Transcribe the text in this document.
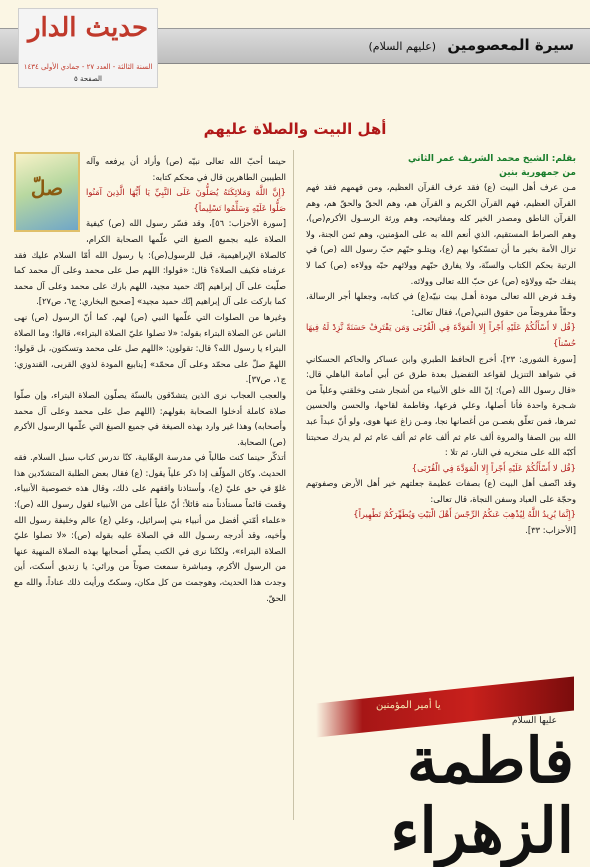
سيرة المعصومين (عليهم السلام)
حديث الدار
السنة الثالثة - العدد ٢٧ - جمادي الأولى ١٤٣٤
الصفحة ٥
أهل البيت والصلاة عليهم

بقلم: الشيخ محمد الشريف عمر الثاني

من جمهورية بنين

مـن عرف أهل البيت (ع) فقد عرف القرآن العظيم، ومن فهمهم فقد فهم القرآن العظيم، فهم القرآن الكريم و القرآن هم، وهم الحقّ والحقّ هم، وهم القرآن الناطق ومصدر الخير كله ومفاتيحه، وهم ورثة الرسـول الأكرم(ص)، وهم الصراط المستقيم، الذي أنعم الله به على المؤمنين، وهم ثمن الجنة، ولا تزال الأمة بخير ما أن تمسّكوا بهم (ع)، ويتلـو حبّهم حبّ رسول الله (ص) في الرتبة بحكم الكتاب والسنّة، ولا يفارق حبّهم وولائهم حبّه وولاءه (ص) كما لا ينفك حبّه وولاؤه (ص) عن حبّ الله تعالى وولائه.

وقـد فرض الله تعالى مودة أهـل بيت نبيّه(ع) في كتابه، وجعلها أجر الرسالة، وحقّاً مفروضاً من حقوق النبي(ص)، فقال تعالى:

{قُل لا أَسْأَلُكُمْ عَلَيْهِ أَجْراً إِلا الْمَوَدَّةَ فِي الْقُرْبَى وَمَن يَقْتَرِفْ حَسَنَةً نَّزِدْ لَهُ فِيهَا حُسْناً}

[سورة الشورى: ٢٣]، أخرج الحافظ الطبري وابن عساكر والحاكم الحسكاني في شواهد التنزيل لقواعد التفضيل بعدة طرق عن أبي أمامة الباهلي قال: «قال رسول الله (ص): إنّ الله خلق الأنبياء من أشجار شتى وخلقني وعلياً من شـجرة واحدة فأنا أصلها، وعلي فرعها، وفاطمة لقاحها، والحسن والحسين ثمرها، فمن تعلّق بغصـن من أغصانها نجا، ومـن زاغ عنها هوى، ولو أنّ عبداً عبد الله بين الصفا والمروة ألف عام ثم ألف عام ثم ألف عام ثم لم يدرك صحبتنا أكبّه الله على منخريه في النار، ثم تلا :

{قُل لا أَسْأَلُكُمْ عَلَيْهِ أَجْراً إِلا الْمَوَدَّةَ فِي الْقُرْبَى}

وقد اتّصف أهل البيت (ع) بصفات عظيمة جعلتهم خير أهل الأرض وصفوتهم وحجّة على العباد وسفن النجاة، قال تعالى:

{إِنَّمَا يُرِيدُ اللَّهُ لِيُذْهِبَ عَنكُمُ الرِّجْسَ أَهْلَ الْبَيْتِ وَيُطَهِّرَكُمْ تَطْهِيراً}

[الأحزاب: ٣٣].

صلّ

حينما أحبّ الله تعالى نبيّه (ص) وأراد أن يرفعه وآله الطيبين الطاهرين قال في محكم كتابه:

{إِنَّ اللَّهَ وَمَلائِكَتَهُ يُصَلُّونَ عَلَى النَّبِيِّ يَا أَيُّهَا الَّذِينَ آمَنُوا صَلُّوا عَلَيْهِ وَسَلِّمُوا تَسْلِيماً}

[سورة الأحزاب: ٥٦]، وقد فسّر رسول الله (ص) كيفية الصلاة عليه بجميع الصيغ التي علّمها الصحابة الكرام، كالصلاة الإبراهيمية، قيل للرسول(ص): يا رسول الله أمّا السلام عليك فقد عرفناه فكيف الصلاة؟ قال: «قولوا: اللهم صل على محمد وعلى آل محمد كما صلّيت على آل إبراهيم إنّك حميد مجيد، اللهم بارك على محمد وعلى آل محمد كما باركت على آل إبراهيم إنّك حميد مجيد» [صحيح البخاري: ج٦، ص٢٧].

وغيرها من الصلوات التي علّمها النبي (ص) لهم. كما أنّ الرسول (ص) نهى الناس عن الصلاة البتراء بقوله: «لا تصلوا عليّ الصلاة البتراء»، قالوا: وما الصلاة البتراء يا رسول الله؟ قال: تقولون: «اللهم صل على محمد وتسكتون، بل قولوا: اللهمّ صلّ على محمّد وعلى آل محمّد» [ينابيع المودة لذوي القربى، القندوزي: ج١، ص٣٧].

والعجب العجاب نرى الذين يتشدّقون بالسنّة يصلّون الصلاة البتراء، وإن صلّوا صلاة كاملة أدخلوا الصحابة بقولهم: (اللهم صل على محمد وعلى آل محمد وأصحابه) وهذا غير وارد بهذه الصيغة في جميع الصيغ التي علّمها الرسول الأكرم (ص) الصحابة.

أتذكّر حينما كنت طالباً في مدرسة الوهّابية، كنّا ندرس كتاب سبل السلام. فقه الحديث. وكان المؤلّف إذا ذكر علياً يقول: (ع) فقال بعض الطلبة المتشدّدين هذا غلوّ في حق عليّ (ع)، وأستاذنا وافقهم على ذلك، وقال هذه خصوصية الأنبياء، وقمت قائماً مستأذناً منه قائلاً: أنّ علياً أعلى من الأنبياء لقول رسول الله (ص): «علماء أمّتي أفضل من أنبياء بني إسرائيل، وعلي (ع) عالم وخليفة رسول الله وأخيه، وقد أدرجه رسـول الله في الصلاة عليه بقوله (ص): «لا تصلوا عليّ الصلاة البتراء»، ولكنّنا نرى في الكتب يصلّي أصحابها بهذه الصلاة المنهية عنها من الرسول الأكرم، ومباشرة سمعت صوتاً من ورائي: يا زنديق أسكت، أين وجدت هذا الحديث، وهوجمت من كل مكان، وسكتّ ورأيت ذلك عناداً، والله مع الحقّ.

يا أمير المؤمنين
عليها السلام
فاطمة الزهراء
